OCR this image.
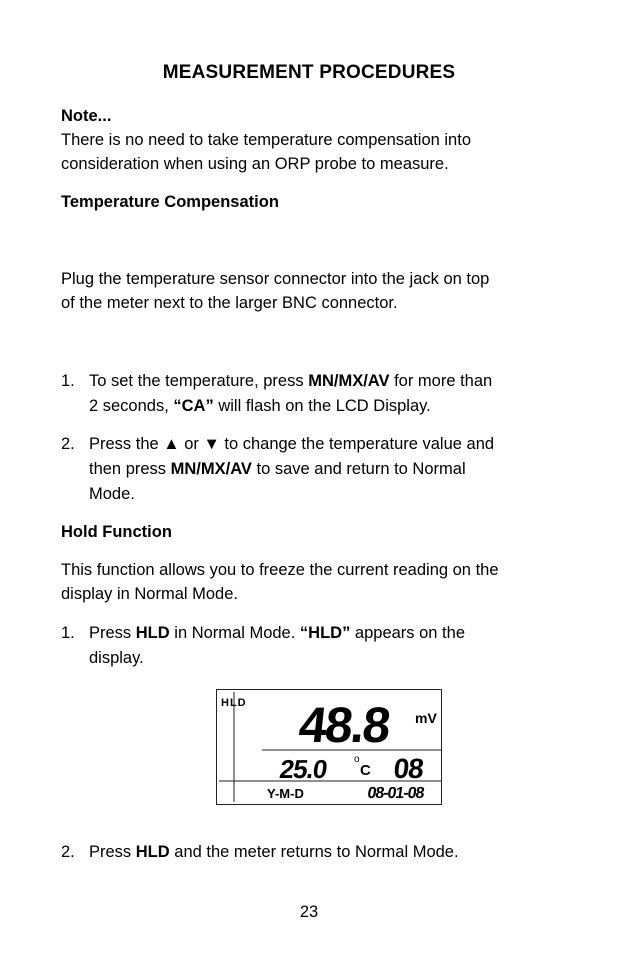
MEASUREMENT PROCEDURES
Note...
There is no need to take temperature compensation into
consideration when using an ORP probe to measure.
Temperature Compensation
Plug the temperature sensor connector into the jack on top
of the meter next to the larger BNC connector.
1. To set the temperature, press MN/MX/AV for more than
2 seconds, “CA” will flash on the LCD Display.
2. Press the ▲ or ▼ to change the temperature value and
then press MN/MX/AV to save and return to Normal
Mode.
Hold Function
This function allows you to freeze the current reading on the
display in Normal Mode.
1. Press HLD in Normal Mode. “HLD” appears on the
display.
HLD 48.8 mV
25.0	o
C 08
Y-M-D	08-01-08
2. Press HLD and the meter returns to Normal Mode.
23
